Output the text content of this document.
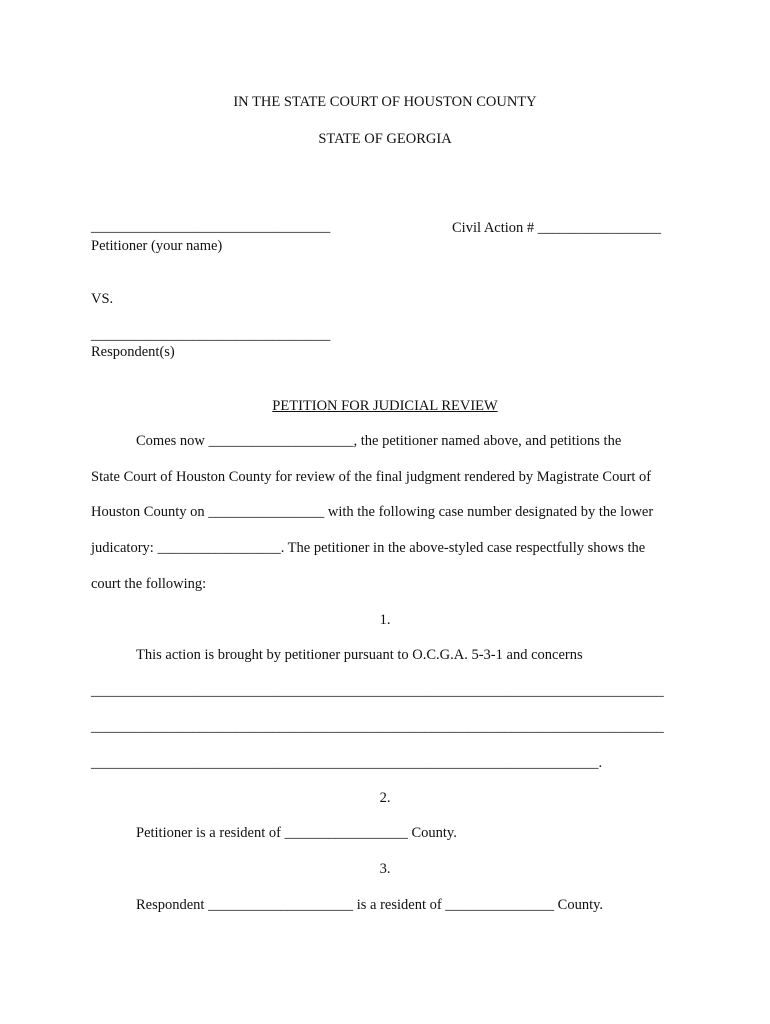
IN THE STATE COURT OF HOUSTON COUNTY
STATE OF GEORGIA
_________________________________
Petitioner (your name)
Civil Action # _________________
VS.
_________________________________
Respondent(s)
PETITION FOR JUDICIAL REVIEW
Comes now ____________________, the petitioner named above, and petitions the
State Court of Houston County for review of the final judgment rendered by Magistrate Court of
Houston County on ________________ with the following case number designated by the lower
judicatory: _________________. The petitioner in the above-styled case respectfully shows the
court the following:
1.
This action is brought by petitioner pursuant to O.C.G.A. 5-3-1 and concerns
_______________________________________________________________________________
_______________________________________________________________________________
______________________________________________________________________.
2.
Petitioner is a resident of _________________ County.
3.
Respondent ____________________ is a resident of _______________ County.
